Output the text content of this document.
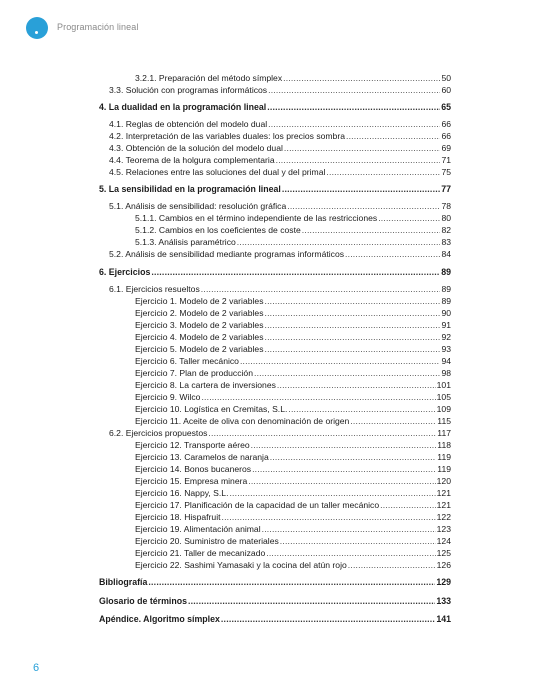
Programación lineal
3.2.1. Preparación del método símplex .....	50
3.3. Solución con programas informáticos .....	60
4. La dualidad en la programación lineal .....	65
4.1. Reglas de obtención del modelo dual .....	66
4.2. Interpretación de las variables duales: los precios sombra .....	66
4.3. Obtención de la solución del modelo dual .....	69
4.4. Teorema de la holgura complementaria .....	71
4.5. Relaciones entre las soluciones del dual y del primal .....	75
5. La sensibilidad en la programación lineal .....	77
5.1. Análisis de sensibilidad: resolución gráfica .....	78
5.1.1. Cambios en el término independiente de las restricciones .....	80
5.1.2. Cambios en los coeficientes de coste .....	82
5.1.3. Análisis paramétrico .....	83
5.2. Análisis de sensibilidad mediante programas informáticos .....	84
6. Ejercicios .....	89
6.1. Ejercicios resueltos .....	89
Ejercicio 1. Modelo de 2 variables .....	89
Ejercicio 2. Modelo de 2 variables .....	90
Ejercicio 3. Modelo de 2 variables .....	91
Ejercicio 4. Modelo de 2 variables .....	92
Ejercicio 5. Modelo de 2 variables .....	93
Ejercicio 6. Taller mecánico .....	94
Ejercicio 7. Plan de producción .....	98
Ejercicio 8. La cartera de inversiones .....	101
Ejercicio 9. Wilco .....	105
Ejercicio 10. Logística en Cremitas, S.L. .....	109
Ejercicio 11. Aceite de oliva con denominación de origen .....	115
6.2. Ejercicios propuestos .....	117
Ejercicio 12. Transporte aéreo .....	118
Ejercicio 13. Caramelos de naranja .....	119
Ejercicio 14. Bonos bucaneros .....	119
Ejercicio 15. Empresa minera .....	120
Ejercicio 16. Nappy, S.L. .....	121
Ejercicio 17. Planificación de la capacidad de un taller mecánico .....	121
Ejercicio 18. Hispafruit .....	122
Ejercicio 19. Alimentación animal .....	123
Ejercicio 20. Suministro de materiales .....	124
Ejercicio 21. Taller de mecanizado .....	125
Ejercicio 22. Sashimi Yamasaki y la cocina del atún rojo .....	126
Bibliografía .....	129
Glosario de términos .....	133
Apéndice. Algoritmo símplex .....	141
6
